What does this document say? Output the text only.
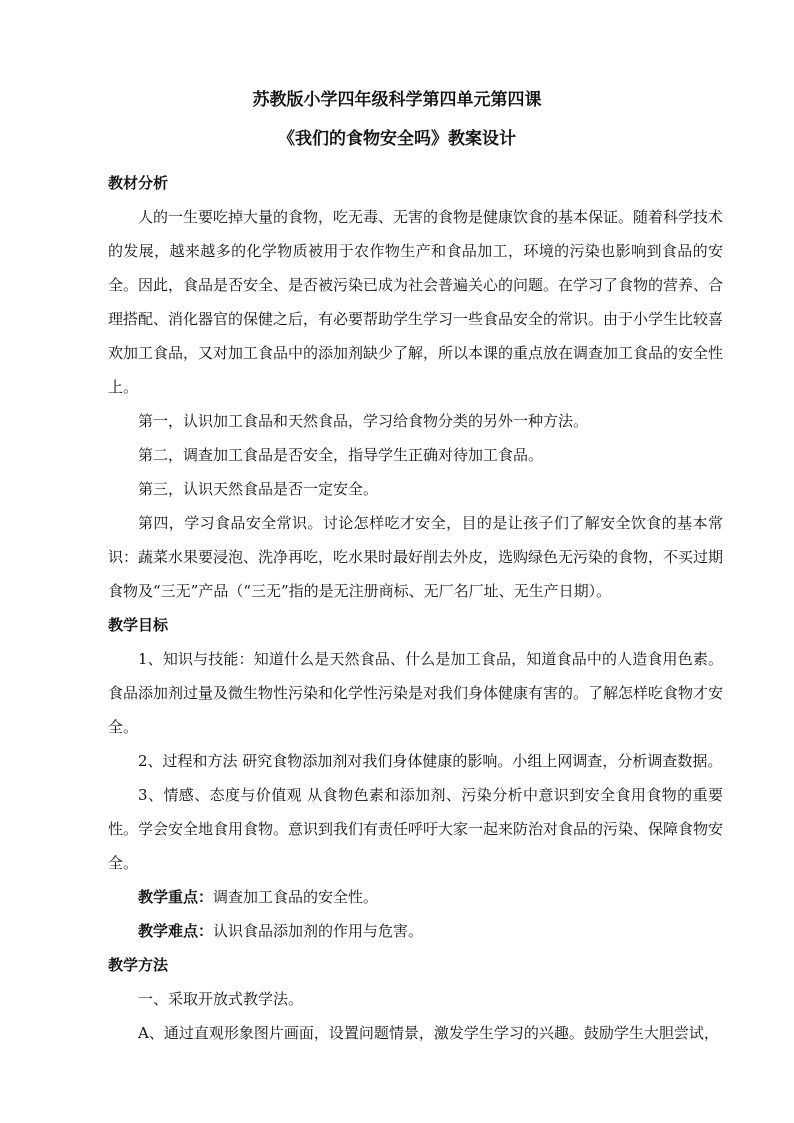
苏教版小学四年级科学第四单元第四课
《我们的食物安全吗》教案设计

教材分析

人的一生要吃掉大量的食物，吃无毒、无害的食物是健康饮食的基本保证。随着科学技术的发展，越来越多的化学物质被用于农作物生产和食品加工，环境的污染也影响到食品的安全。因此，食品是否安全、是否被污染已成为社会普遍关心的问题。在学习了食物的营养、合理搭配、消化器官的保健之后，有必要帮助学生学习一些食品安全的常识。由于小学生比较喜欢加工食品，又对加工食品中的添加剂缺少了解，所以本课的重点放在调查加工食品的安全性上。

第一，认识加工食品和天然食品，学习给食物分类的另外一种方法。

第二，调查加工食品是否安全，指导学生正确对待加工食品。

第三，认识天然食品是否一定安全。

第四，学习食品安全常识。讨论怎样吃才安全，目的是让孩子们了解安全饮食的基本常识：蔬菜水果要浸泡、洗净再吃，吃水果时最好削去外皮，选购绿色无污染的食物，不买过期食物及“三无”产品（“三无”指的是无注册商标、无厂名厂址、无生产日期）。

教学目标

1、知识与技能：知道什么是天然食品、什么是加工食品，知道食品中的人造食用色素。食品添加剂过量及微生物性污染和化学性污染是对我们身体健康有害的。了解怎样吃食物才安全。

2、过程和方法 研究食物添加剂对我们身体健康的影响。小组上网调查，分析调查数据。

3、情感、态度与价值观 从食物色素和添加剂、污染分析中意识到安全食用食物的重要性。学会安全地食用食物。意识到我们有责任呼吁大家一起来防治对食品的污染、保障食物安全。

教学重点：调查加工食品的安全性。

教学难点：认识食品添加剂的作用与危害。

教学方法

一、采取开放式教学法。

A、通过直观形象图片画面，设置问题情景，激发学生学习的兴趣。鼓励学生大胆尝试，
